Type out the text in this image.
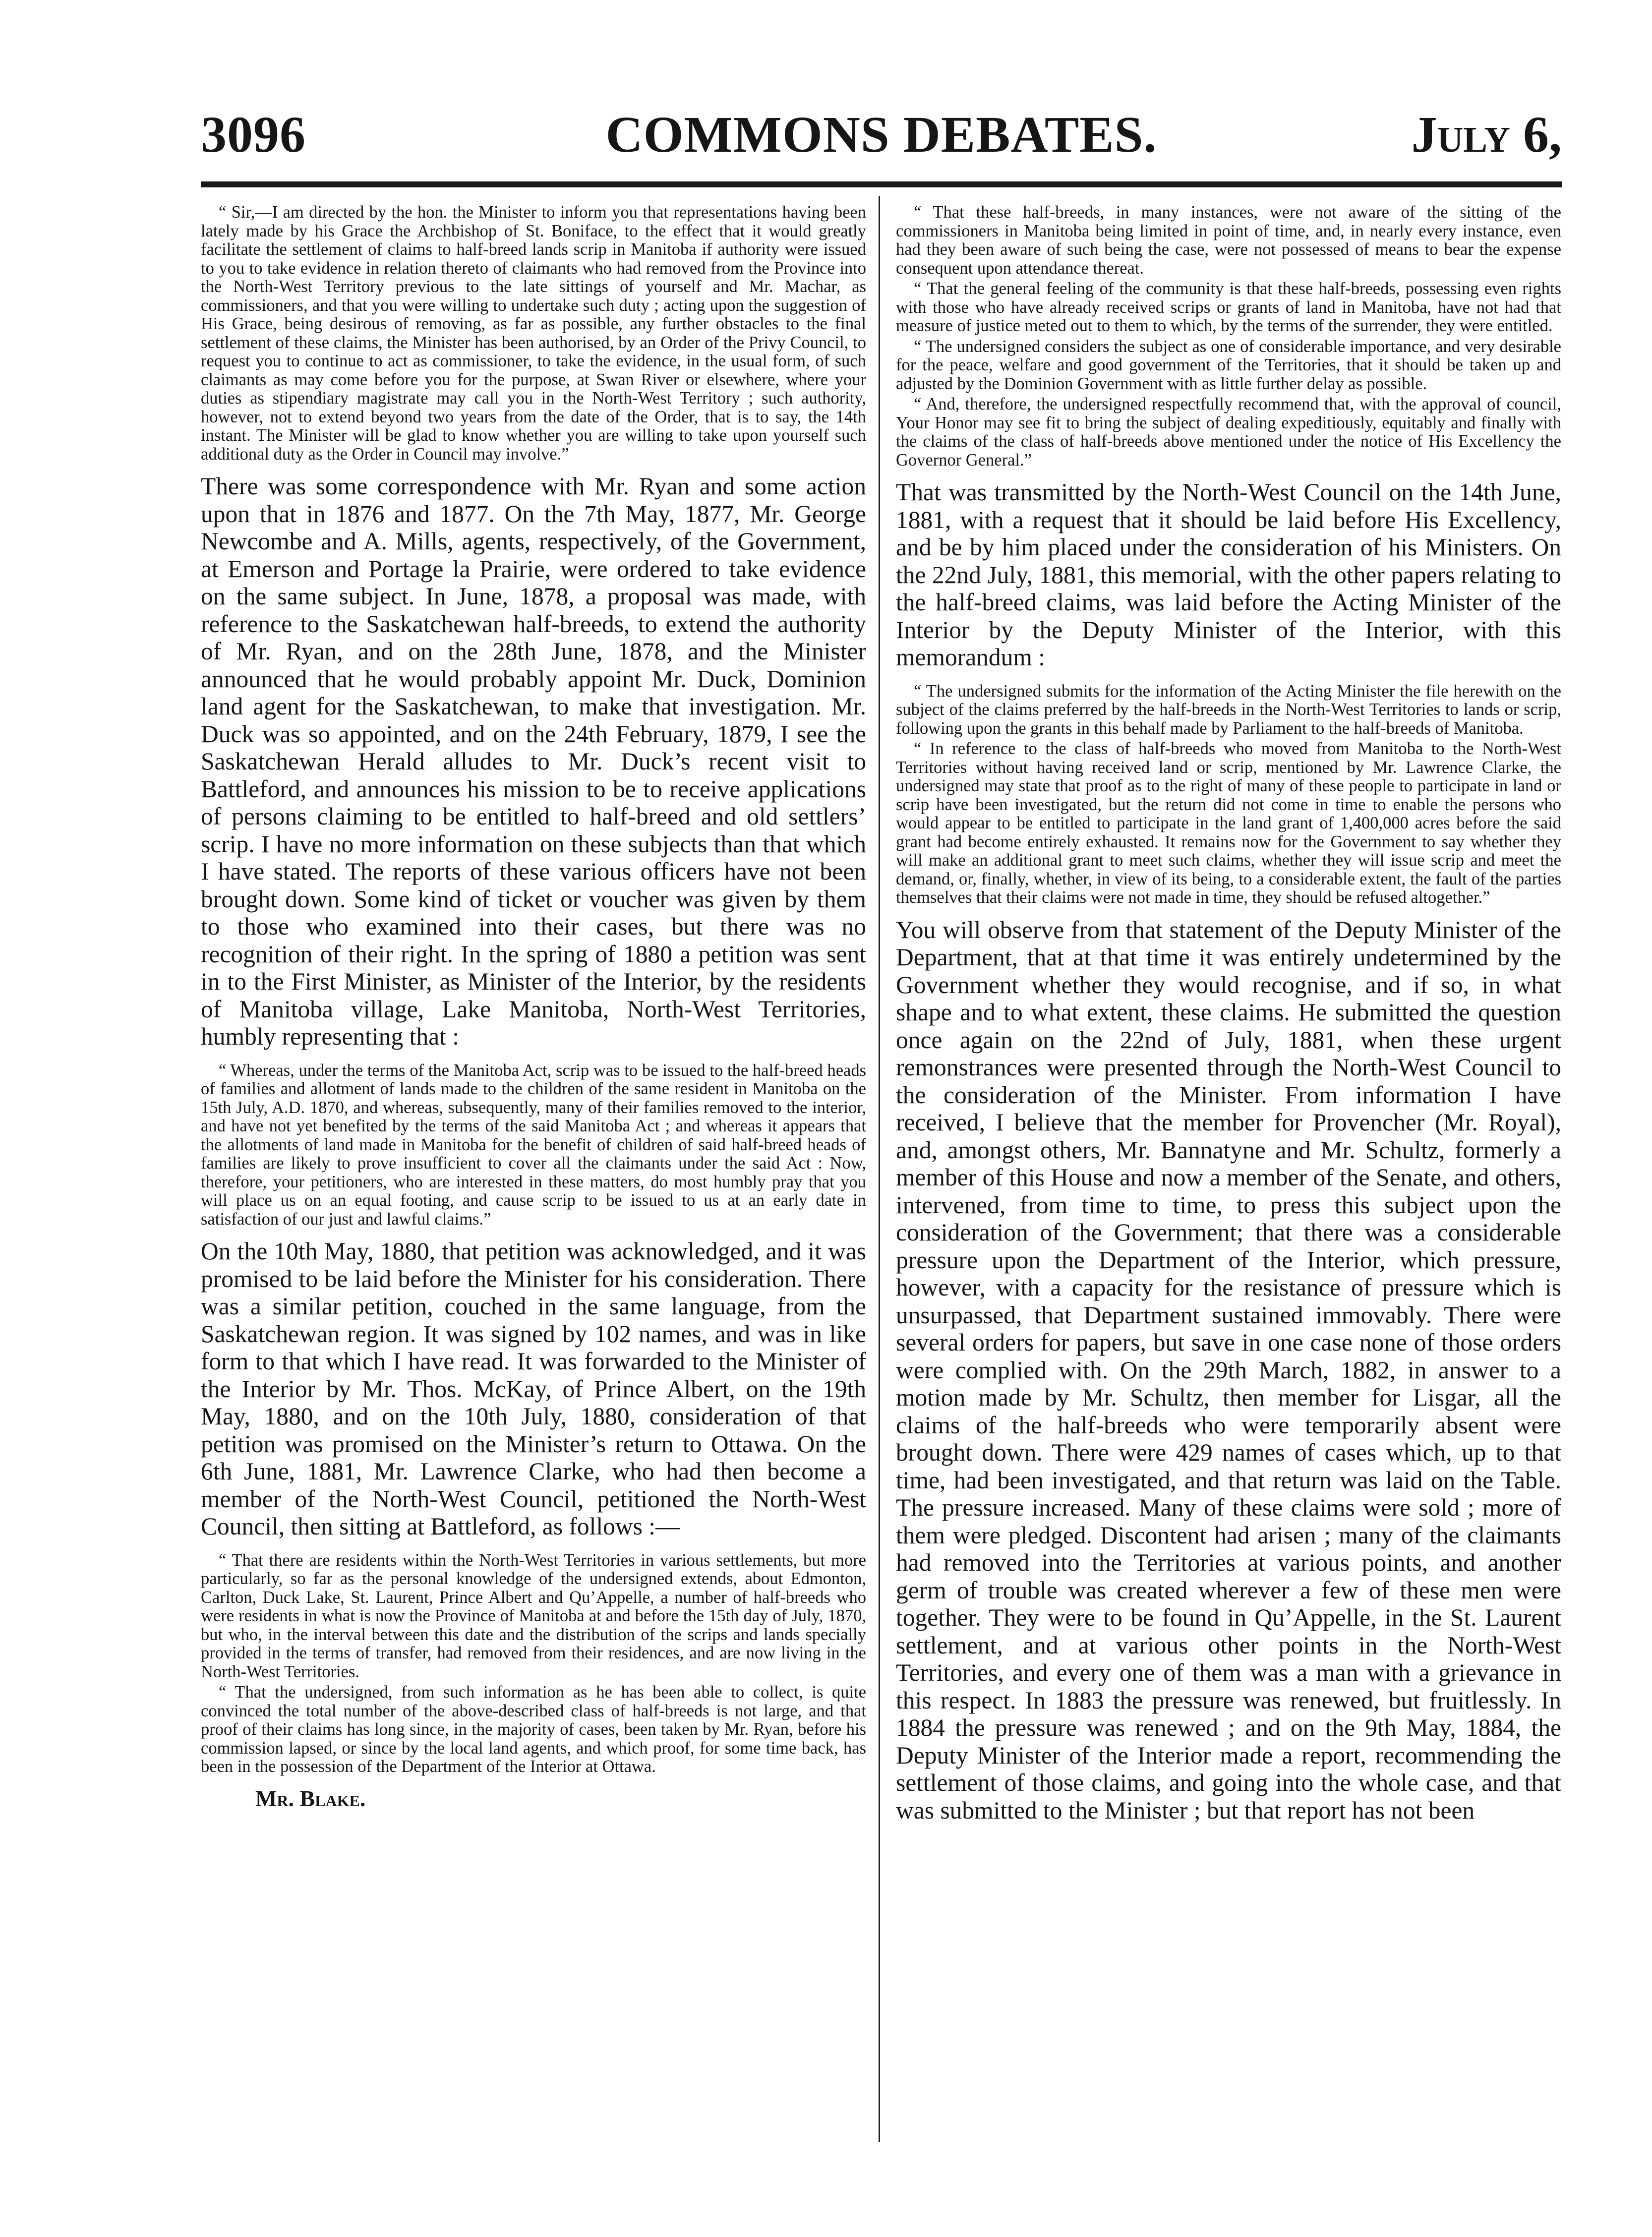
3096	COMMONS DEBATES.	July 6,

“ Sir,—I am directed by the hon. the Minister to inform you that representations having been lately made by his Grace the Archbishop of St. Boniface, to the effect that it would greatly facilitate the settlement of claims to half-breed lands scrip in Manitoba if authority were issued to you to take evidence in relation thereto of claimants who had removed from the Province into the North-West Territory previous to the late sittings of yourself and Mr. Machar, as commissioners, and that you were willing to undertake such duty ; acting upon the suggestion of His Grace, being desirous of removing, as far as possible, any further obstacles to the final settlement of these claims, the Minister has been authorised, by an Order of the Privy Council, to request you to continue to act as commissioner, to take the evidence, in the usual form, of such claimants as may come before you for the purpose, at Swan River or elsewhere, where your duties as stipendiary magistrate may call you in the North-West Territory ; such authority, however, not to extend beyond two years from the date of the Order, that is to say, the 14th instant. The Minister will be glad to know whether you are willing to take upon yourself such additional duty as the Order in Council may involve.”

There was some correspondence with Mr. Ryan and some action upon that in 1876 and 1877. On the 7th May, 1877, Mr. George Newcombe and A. Mills, agents, respectively, of the Government, at Emerson and Portage la Prairie, were ordered to take evidence on the same subject. In June, 1878, a proposal was made, with reference to the Saskatchewan half-breeds, to extend the authority of Mr. Ryan, and on the 28th June, 1878, and the Minister announced that he would probably appoint Mr. Duck, Dominion land agent for the Saskatchewan, to make that investigation. Mr. Duck was so appointed, and on the 24th February, 1879, I see the Saskatchewan Herald alludes to Mr. Duck’s recent visit to Battleford, and announces his mission to be to receive applications of persons claiming to be entitled to half-breed and old settlers’ scrip. I have no more information on these subjects than that which I have stated. The reports of these various officers have not been brought down. Some kind of ticket or voucher was given by them to those who examined into their cases, but there was no recognition of their right. In the spring of 1880 a petition was sent in to the First Minister, as Minister of the Interior, by the residents of Manitoba village, Lake Manitoba, North-West Territories, humbly representing that :

“ Whereas, under the terms of the Manitoba Act, scrip was to be issued to the half-breed heads of families and allotment of lands made to the children of the same resident in Manitoba on the 15th July, A.D. 1870, and whereas, subsequently, many of their families removed to the interior, and have not yet benefited by the terms of the said Manitoba Act ; and whereas it appears that the allotments of land made in Manitoba for the benefit of children of said half-breed heads of families are likely to prove insufficient to cover all the claimants under the said Act : Now, therefore, your petitioners, who are interested in these matters, do most humbly pray that you will place us on an equal footing, and cause scrip to be issued to us at an early date in satisfaction of our just and lawful claims.”

On the 10th May, 1880, that petition was acknowledged, and it was promised to be laid before the Minister for his consideration. There was a similar petition, couched in the same language, from the Saskatchewan region. It was signed by 102 names, and was in like form to that which I have read. It was forwarded to the Minister of the Interior by Mr. Thos. McKay, of Prince Albert, on the 19th May, 1880, and on the 10th July, 1880, consideration of that petition was promised on the Minister’s return to Ottawa. On the 6th June, 1881, Mr. Lawrence Clarke, who had then become a member of the North-West Council, petitioned the North-West Council, then sitting at Battleford, as follows :—

“ That there are residents within the North-West Territories in various settlements, but more particularly, so far as the personal knowledge of the undersigned extends, about Edmonton, Carlton, Duck Lake, St. Laurent, Prince Albert and Qu’Appelle, a number of half-breeds who were residents in what is now the Province of Manitoba at and before the 15th day of July, 1870, but who, in the interval between this date and the distribution of the scrips and lands specially provided in the terms of transfer, had removed from their residences, and are now living in the North-West Territories.

“ That the undersigned, from such information as he has been able to collect, is quite convinced the total number of the above-described class of half-breeds is not large, and that proof of their claims has long since, in the majority of cases, been taken by Mr. Ryan, before his commission lapsed, or since by the local land agents, and which proof, for some time back, has been in the possession of the Department of the Interior at Ottawa.

Mr. Blake.

“ That these half-breeds, in many instances, were not aware of the sitting of the commissioners in Manitoba being limited in point of time, and, in nearly every instance, even had they been aware of such being the case, were not possessed of means to bear the expense consequent upon attendance thereat.

“ That the general feeling of the community is that these half-breeds, possessing even rights with those who have already received scrips or grants of land in Manitoba, have not had that measure of justice meted out to them to which, by the terms of the surrender, they were entitled.

“ The undersigned considers the subject as one of considerable importance, and very desirable for the peace, welfare and good government of the Territories, that it should be taken up and adjusted by the Dominion Government with as little further delay as possible.

“ And, therefore, the undersigned respectfully recommend that, with the approval of council, Your Honor may see fit to bring the subject of dealing expeditiously, equitably and finally with the claims of the class of half-breeds above mentioned under the notice of His Excellency the Governor General.”

That was transmitted by the North-West Council on the 14th June, 1881, with a request that it should be laid before His Excellency, and be by him placed under the consideration of his Ministers. On the 22nd July, 1881, this memorial, with the other papers relating to the half-breed claims, was laid before the Acting Minister of the Interior by the Deputy Minister of the Interior, with this memorandum :

“ The undersigned submits for the information of the Acting Minister the file herewith on the subject of the claims preferred by the half-breeds in the North-West Territories to lands or scrip, following upon the grants in this behalf made by Parliament to the half-breeds of Manitoba.

“ In reference to the class of half-breeds who moved from Manitoba to the North-West Territories without having received land or scrip, mentioned by Mr. Lawrence Clarke, the undersigned may state that proof as to the right of many of these people to participate in land or scrip have been investigated, but the return did not come in time to enable the persons who would appear to be entitled to participate in the land grant of 1,400,000 acres before the said grant had become entirely exhausted. It remains now for the Government to say whether they will make an additional grant to meet such claims, whether they will issue scrip and meet the demand, or, finally, whether, in view of its being, to a considerable extent, the fault of the parties themselves that their claims were not made in time, they should be refused altogether.”

You will observe from that statement of the Deputy Minister of the Department, that at that time it was entirely undetermined by the Government whether they would recognise, and if so, in what shape and to what extent, these claims. He submitted the question once again on the 22nd of July, 1881, when these urgent remonstrances were presented through the North-West Council to the consideration of the Minister. From information I have received, I believe that the member for Provencher (Mr. Royal), and, amongst others, Mr. Bannatyne and Mr. Schultz, formerly a member of this House and now a member of the Senate, and others, intervened, from time to time, to press this subject upon the consideration of the Government; that there was a considerable pressure upon the Department of the Interior, which pressure, however, with a capacity for the resistance of pressure which is unsurpassed, that Department sustained immovably. There were several orders for papers, but save in one case none of those orders were complied with. On the 29th March, 1882, in answer to a motion made by Mr. Schultz, then member for Lisgar, all the claims of the half-breeds who were temporarily absent were brought down. There were 429 names of cases which, up to that time, had been investigated, and that return was laid on the Table. The pressure increased. Many of these claims were sold ; more of them were pledged. Discontent had arisen ; many of the claimants had removed into the Territories at various points, and another germ of trouble was created wherever a few of these men were together. They were to be found in Qu’Appelle, in the St. Laurent settlement, and at various other points in the North-West Territories, and every one of them was a man with a grievance in this respect. In 1883 the pressure was renewed, but fruitlessly. In 1884 the pressure was renewed ; and on the 9th May, 1884, the Deputy Minister of the Interior made a report, recommending the settlement of those claims, and going into the whole case, and that was submitted to the Minister ; but that report has not been
